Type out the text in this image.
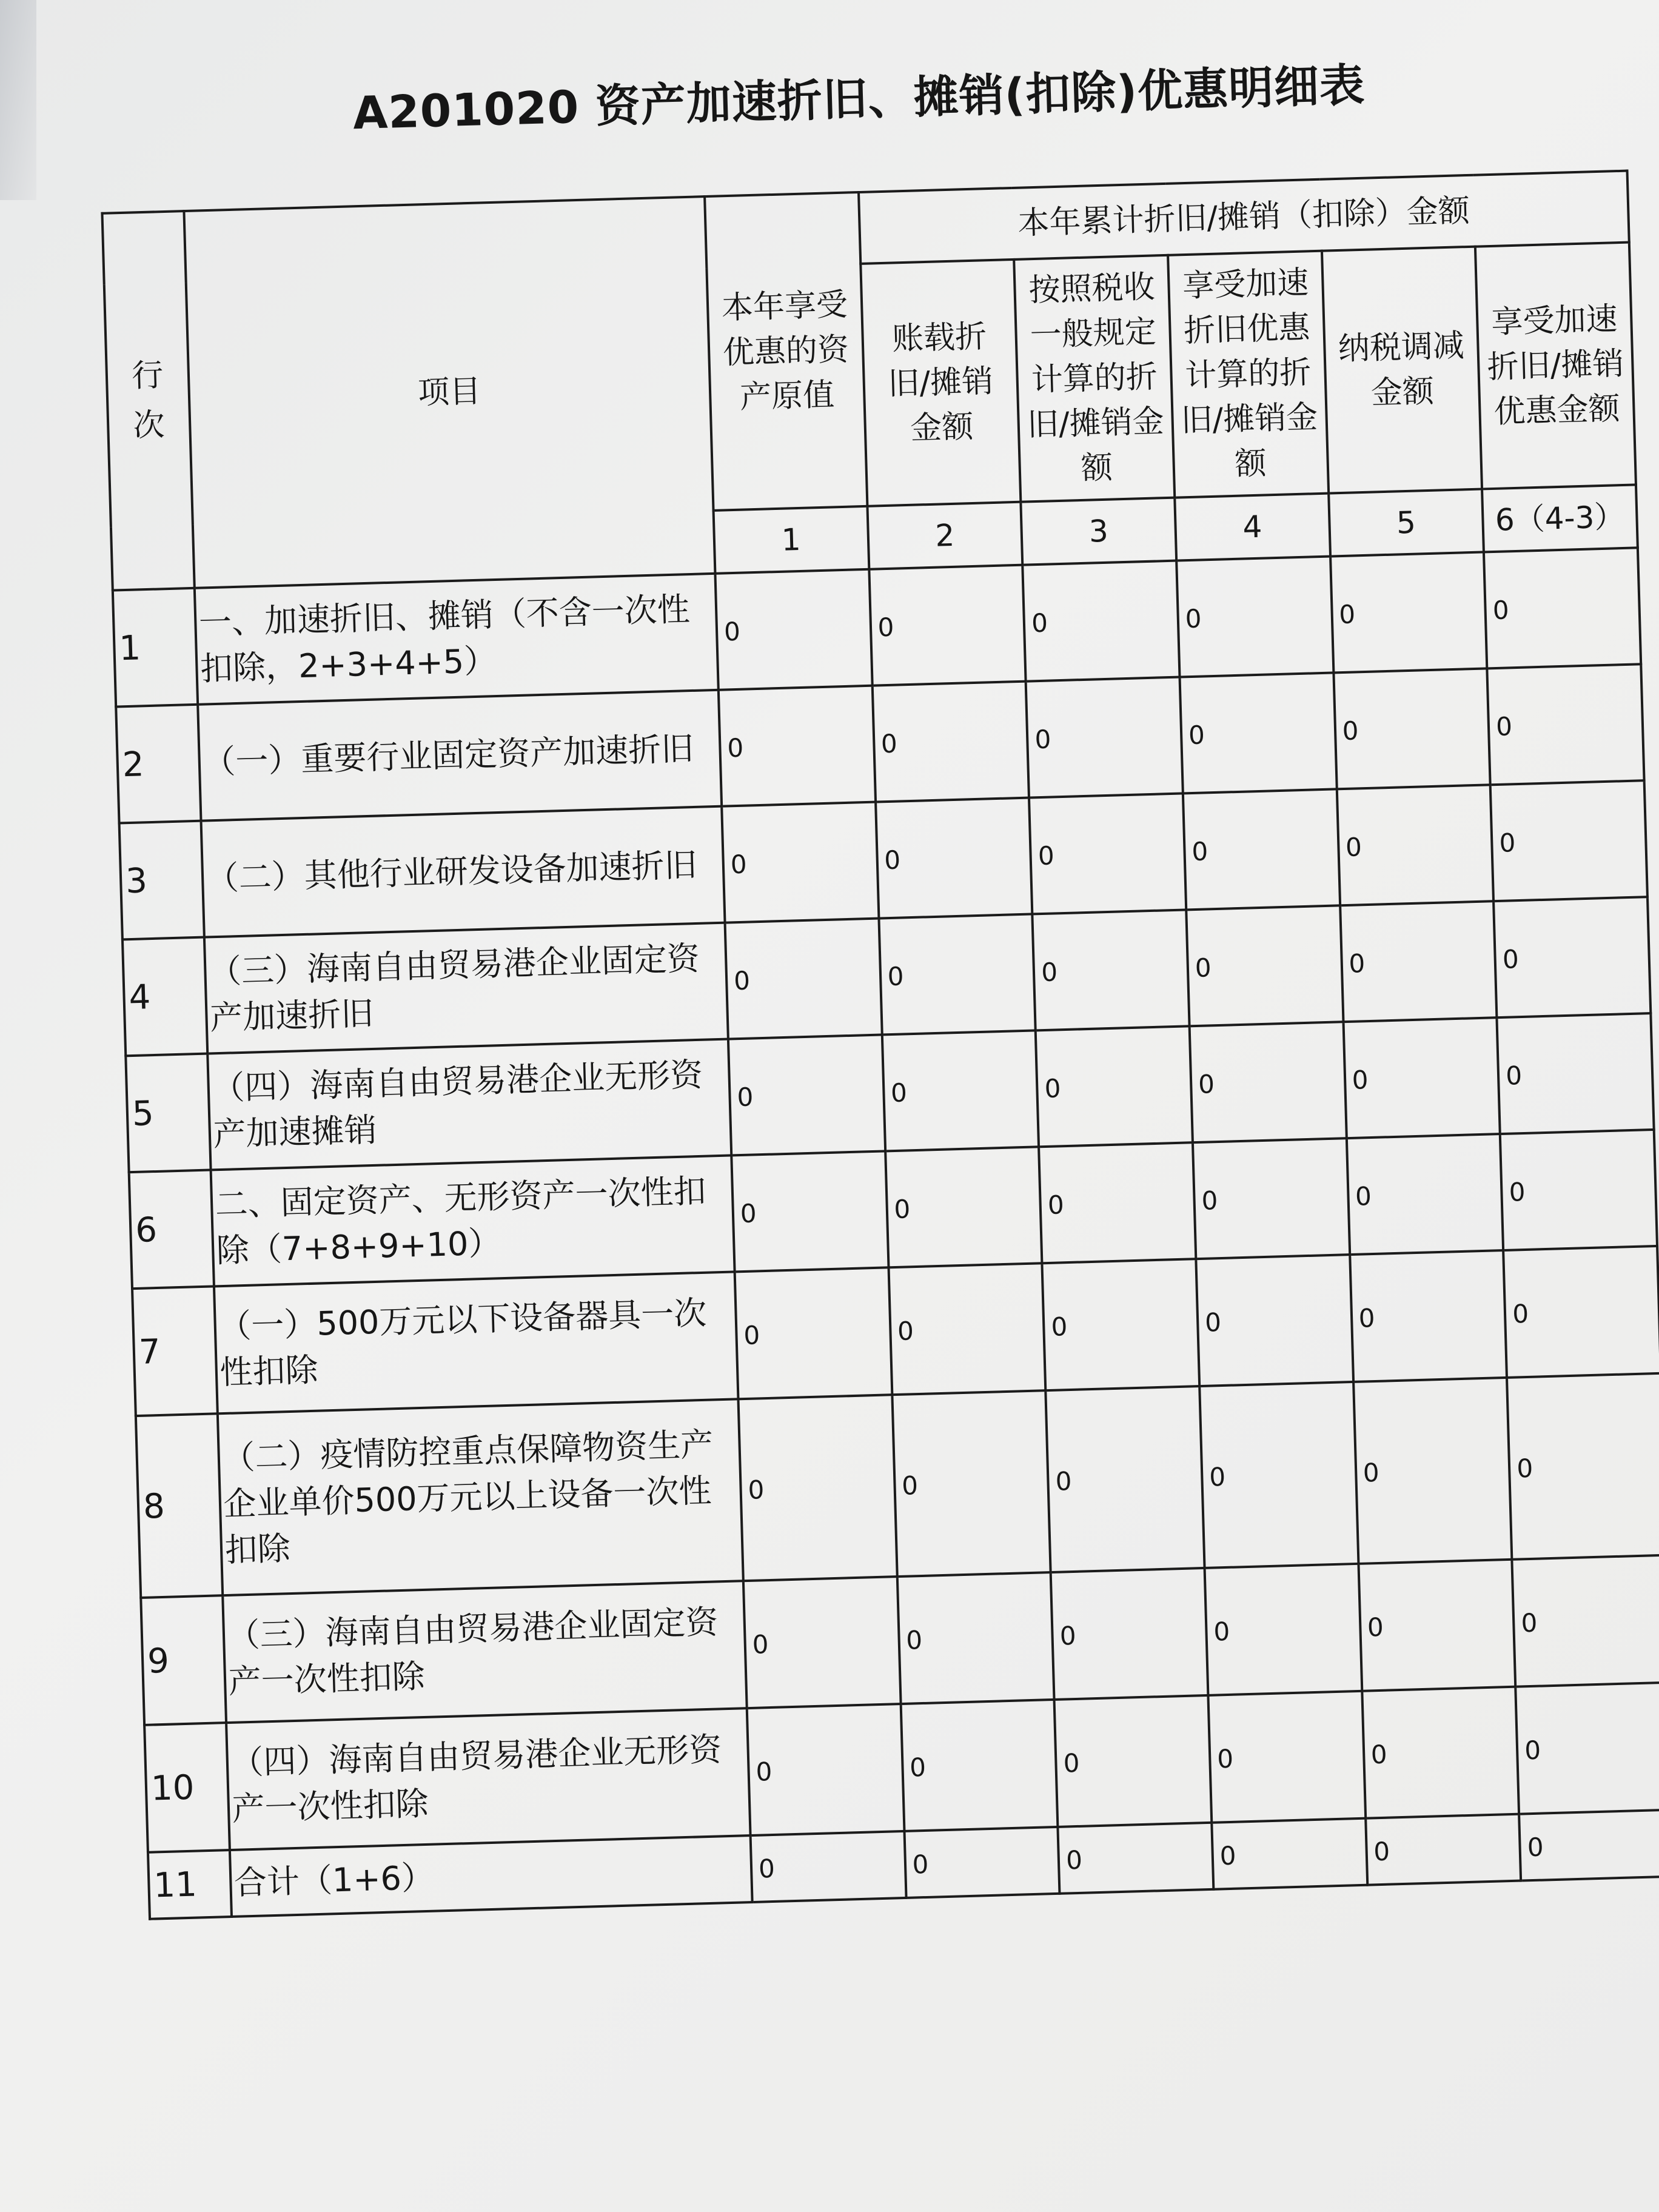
A201020 资产加速折旧、摊销(扣除)优惠明细表
行次	项目	本年享受优惠的资产原值	本年累计折旧/摊销（扣除）金额				
			账载折旧/摊销金额	按照税收一般规定计算的折旧/摊销金额	享受加速折旧优惠计算的折旧/摊销金额	纳税调减金额	享受加速折旧/摊销优惠金额
		1	2	3	4	5	6（4-3）
1	一、加速折旧、摊销（不含一次性扣除，2+3+4+5）	0	0	0	0	0	0
2	（一）重要行业固定资产加速折旧	0	0	0	0	0	0
3	（二）其他行业研发设备加速折旧	0	0	0	0	0	0
4	（三）海南自由贸易港企业固定资产加速折旧	0	0	0	0	0	0
5	（四）海南自由贸易港企业无形资产加速摊销	0	0	0	0	0	0
6	二、固定资产、无形资产一次性扣除（7+8+9+10）	0	0	0	0	0	0
7	（一）500万元以下设备器具一次性扣除	0	0	0	0	0	0
8	（二）疫情防控重点保障物资生产企业单价500万元以上设备一次性扣除	0	0	0	0	0	0
9	（三）海南自由贸易港企业固定资产一次性扣除	0	0	0	0	0	0
10	（四）海南自由贸易港企业无形资产一次性扣除	0	0	0	0	0	0
11	合计（1+6）	0	0	0	0	0	0
